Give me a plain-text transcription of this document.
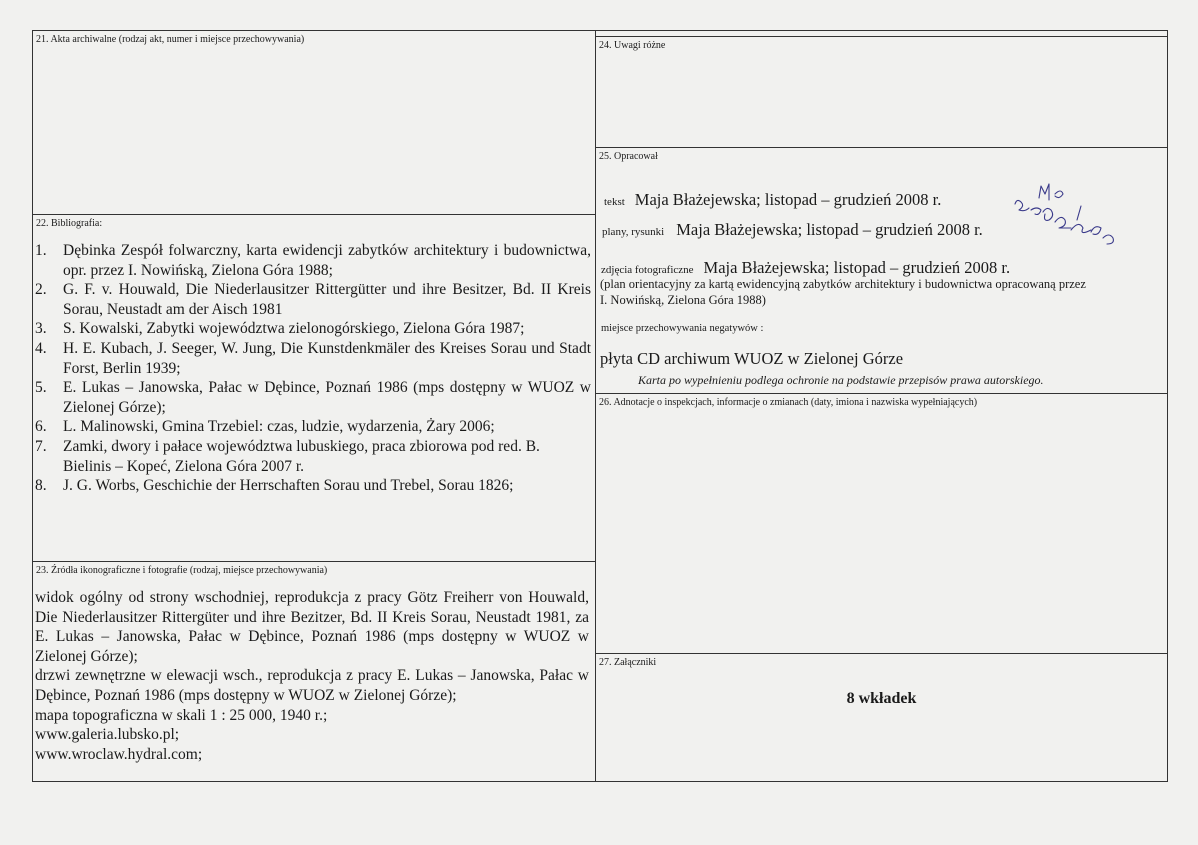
21. Akta archiwalne (rodzaj akt, numer i miejsce przechowywania)
22. Bibliografia:
1. Dębinka Zespół folwarczny, karta ewidencji zabytków architektury i budownictwa, opr. przez I. Nowińską, Zielona Góra 1988;
2. G. F. v. Houwald, Die Niederlausitzer Rittergütter und ihre Besitzer, Bd. II Kreis Sorau, Neustadt am der Aisch 1981
3. S. Kowalski, Zabytki województwa zielonogórskiego, Zielona Góra 1987;
4. H. E. Kubach, J. Seeger, W. Jung, Die Kunstdenkmäler des Kreises Sorau und Stadt Forst, Berlin 1939;
5. E. Lukas – Janowska, Pałac w Dębince, Poznań 1986 (mps dostępny w WUOZ w Zielonej Górze);
6. L. Malinowski, Gmina Trzebiel: czas, ludzie, wydarzenia, Żary 2006;
7. Zamki, dwory i pałace województwa lubuskiego, praca zbiorowa pod red. B. Bielinis – Kopeć, Zielona Góra 2007 r.
8. J. G. Worbs, Geschichie der Herrschaften Sorau und Trebel, Sorau 1826;
23. Źródła ikonograficzne i fotografie (rodzaj, miejsce przechowywania)

widok ogólny od strony wschodniej, reprodukcja z pracy Götz Freiherr von Houwald, Die Niederlausitzer Rittergüter und ihre Bezitzer, Bd. II Kreis Sorau, Neustadt 1981, za E. Lukas – Janowska, Pałac w Dębince, Poznań 1986 (mps dostępny w WUOZ w Zielonej Górze);

drzwi zewnętrzne w elewacji wsch., reprodukcja z pracy E. Lukas – Janowska, Pałac w Dębince, Poznań 1986 (mps dostępny w WUOZ w Zielonej Górze);

mapa topograficzna w skali 1 : 25 000, 1940 r.;

www.galeria.lubsko.pl;

www.wroclaw.hydral.com;

24. Uwagi różne
25. Opracował
tekst Maja Błażejewska; listopad – grudzień 2008 r.
plany, rysunki Maja Błażejewska; listopad – grudzień 2008 r.
zdjęcia fotograficzne Maja Błażejewska; listopad – grudzień 2008 r.
(plan orientacyjny za kartą ewidencyjną zabytków architektury i budownictwa opracowaną przez
I. Nowińską, Zielona Góra 1988)
miejsce przechowywania negatywów :
płyta CD archiwum WUOZ w Zielonej Górze
Karta po wypełnieniu podlega ochronie na podstawie przepisów prawa autorskiego.
26. Adnotacje o inspekcjach, informacje o zmianach (daty, imiona i nazwiska wypełniających)
27. Załączniki
8 wkładek
